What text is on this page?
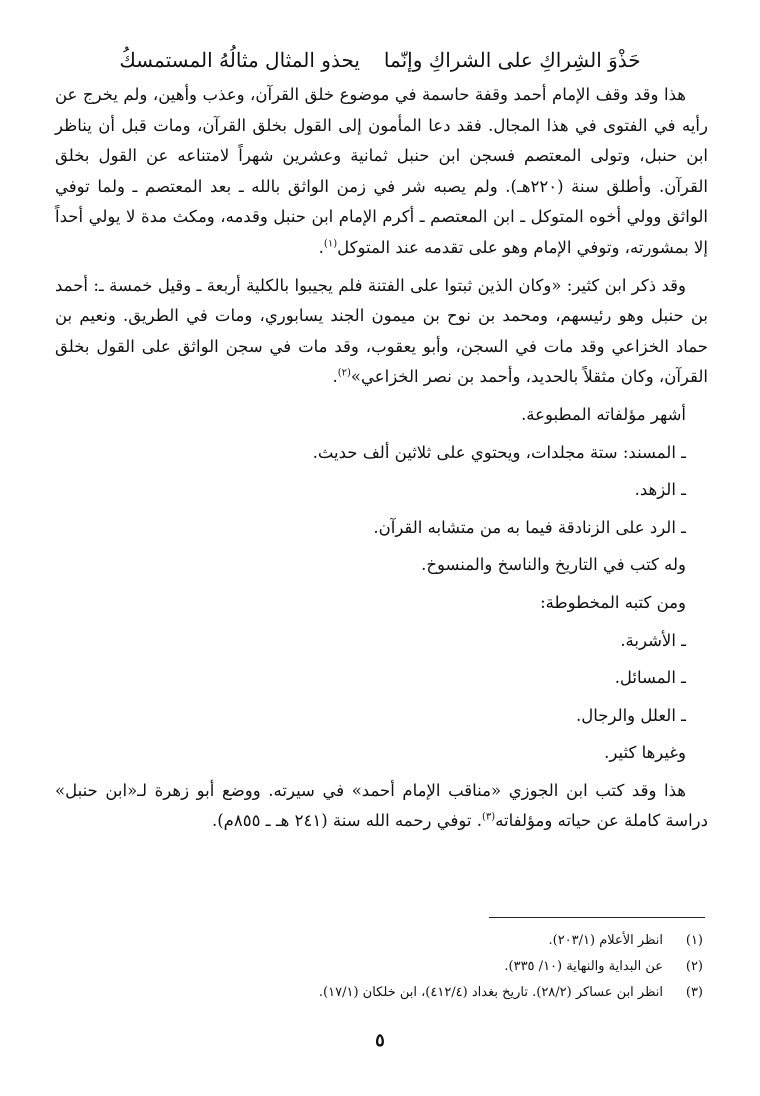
حَذْوَ الشِراكِ على الشراكِ وإنّمايحذو المثال مثالُهُ المستمسكُ

هذا وقد وقف الإمام أحمد وقفة حاسمة في موضوع خلق القرآن، وعذب وأهين، ولم يخرج عن رأيه في الفتوى في هذا المجال. فقد دعا المأمون إلى القول بخلق القرآن، ومات قبل أن يناظر ابن حنبل، وتولى المعتصم فسجن ابن حنبل ثمانية وعشرين شهراً لامتناعه عن القول بخلق القرآن. وأطلق سنة (٢٢٠هـ). ولم يصبه شر في زمن الواثق بالله ـ بعد المعتصم ـ ولما توفي الواثق وولي أخوه المتوكل ـ ابن المعتصم ـ أكرم الإمام ابن حنبل وقدمه، ومكث مدة لا يولي أحداً إلا بمشورته، وتوفي الإمام وهو على تقدمه عند المتوكل$^{(١)}$.

وقد ذكر ابن كثير: «وكان الذين ثبتوا على الفتنة فلم يجيبوا بالكلية أربعة ـ وقيل خمسة ـ: أحمد بن حنبل وهو رئيسهم، ومحمد بن نوح بن ميمون الجند يسابوري، ومات في الطريق. ونعيم بن حماد الخزاعي وقد مات في السجن، وأبو يعقوب، وقد مات في سجن الواثق على القول بخلق القرآن، وكان مثقلاً بالحديد، وأحمد بن نصر الخزاعي»$^{(٢)}$.

أشهر مؤلفاته المطبوعة.
ـ المسند: ستة مجلدات، ويحتوي على ثلاثين ألف حديث.
ـ الزهد.
ـ الرد على الزنادقة فيما به من متشابه القرآن.
وله كتب في التاريخ والناسخ والمنسوخ.
ومن كتبه المخطوطة:
ـ الأشربة.
ـ المسائل.
ـ العلل والرجال.
وغيرها كثير.

هذا وقد كتب ابن الجوزي «مناقب الإمام أحمد» في سيرته. ووضع أبو زهرة لـ«ابن حنبل» دراسة كاملة عن حياته ومؤلفاته$^{(٣)}$. توفي رحمه الله سنة (٢٤١ هـ ـ ٨٥٥م).

(١)
انظر الأعلام (٢٠٣/١).
(٢)
عن البداية والنهاية (١٠/ ٣٣٥).
(٣)
انظر ابن عساكر (٢٨/٢). تاريخ بغداد (٤١٢/٤)، ابن خلكان (١٧/١).
٥
